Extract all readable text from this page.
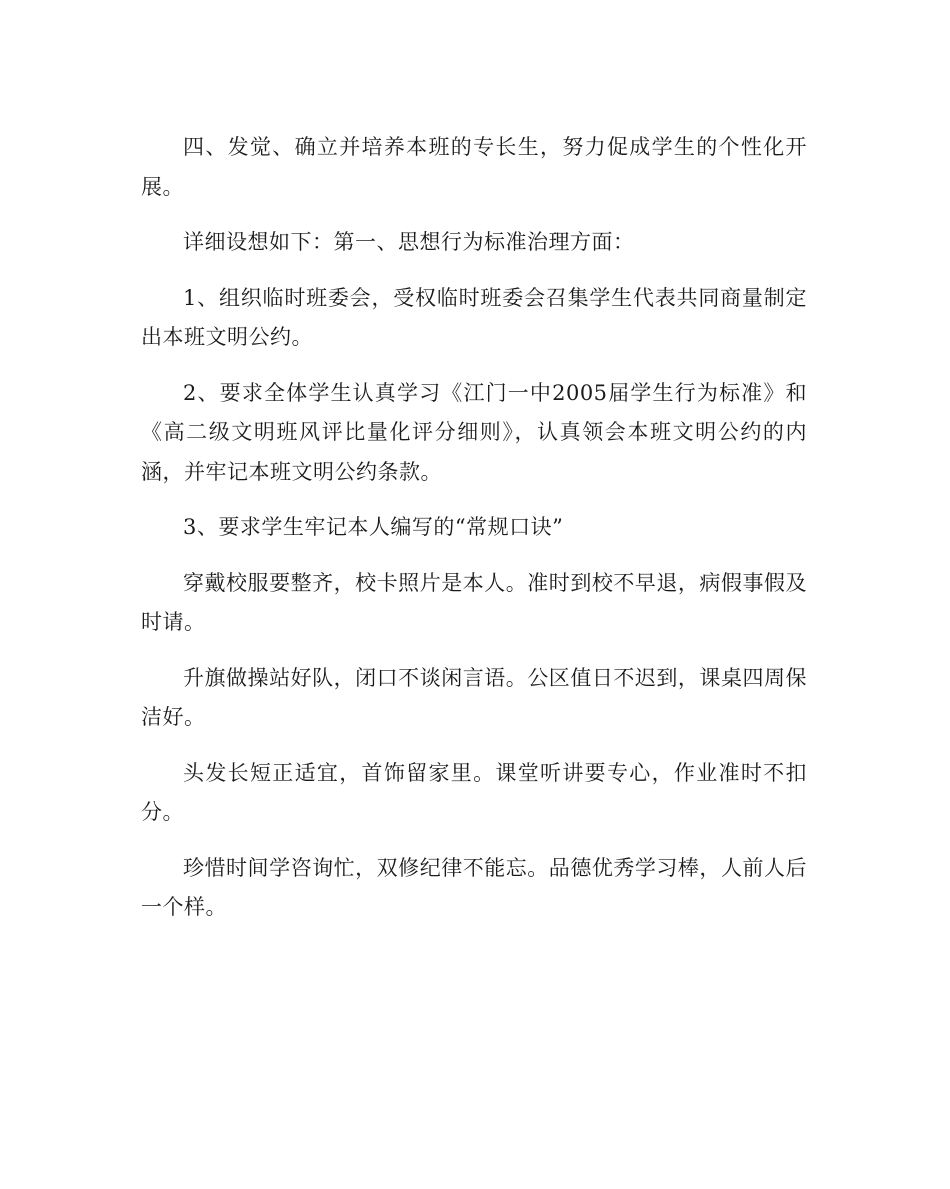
四、发觉、确立并培养本班的专长生，努力促成学生的个性化开展。

详细设想如下：第一、思想行为标准治理方面：

1、组织临时班委会，受权临时班委会召集学生代表共同商量制定出本班文明公约。

2、要求全体学生认真学习《江门一中2005届学生行为标准》和《高二级文明班风评比量化评分细则》，认真领会本班文明公约的内涵，并牢记本班文明公约条款。

3、要求学生牢记本人编写的“常规口诀”

穿戴校服要整齐，校卡照片是本人。准时到校不早退，病假事假及时请。

升旗做操站好队，闭口不谈闲言语。公区值日不迟到，课桌四周保洁好。

头发长短正适宜，首饰留家里。课堂听讲要专心，作业准时不扣分。

珍惜时间学咨询忙，双修纪律不能忘。品德优秀学习棒，人前人后一个样。
